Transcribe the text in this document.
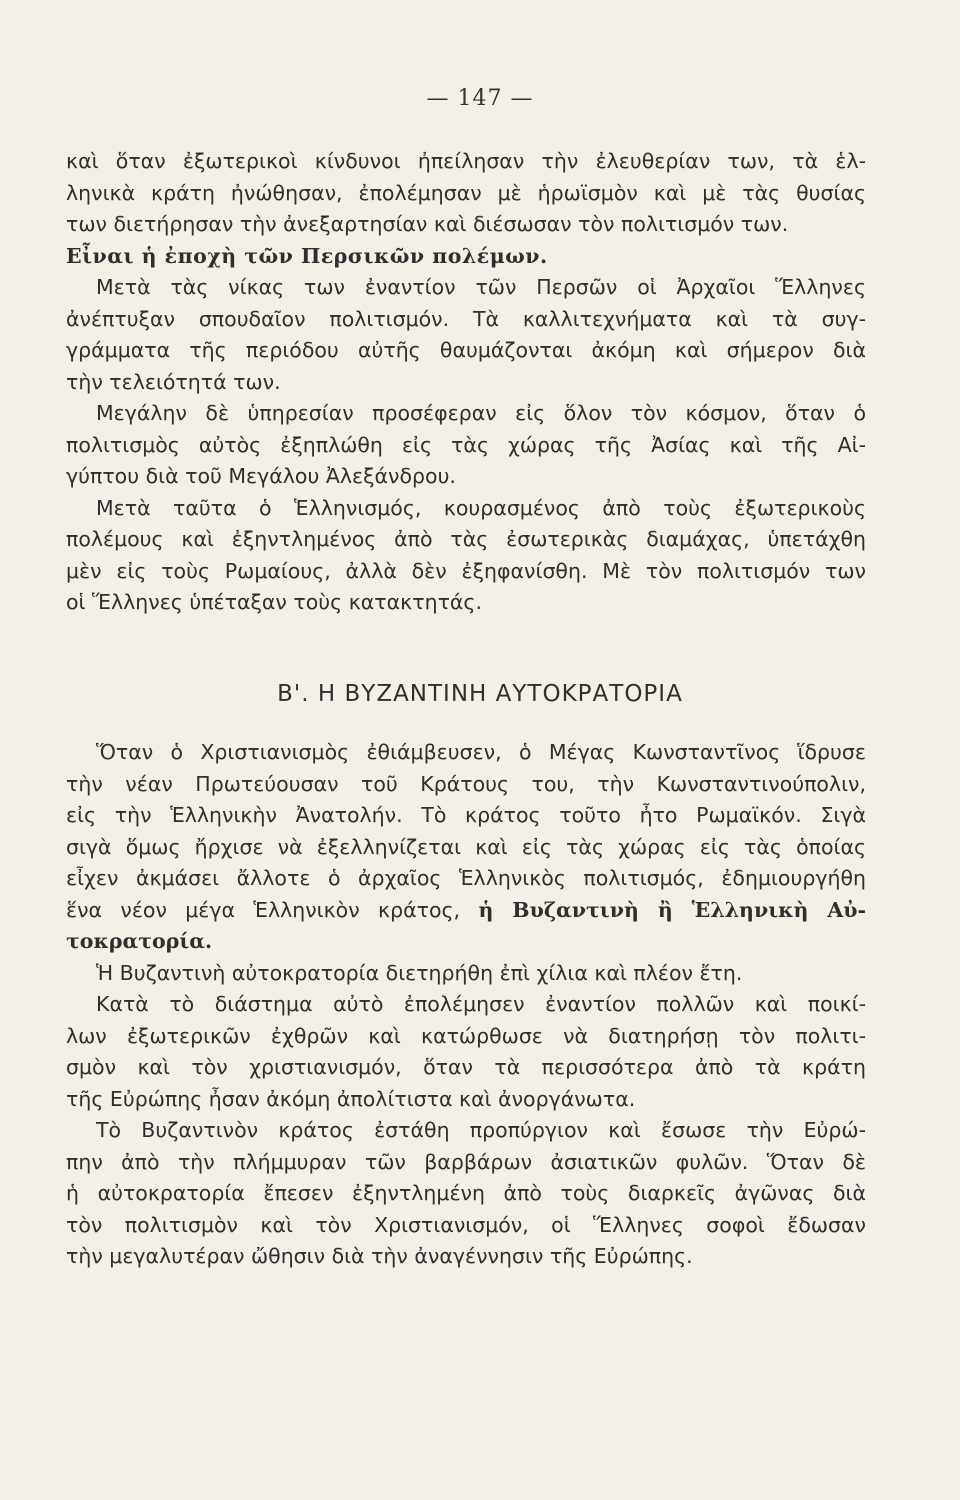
— 147 —
καὶ ὅταν ἐξωτερικοὶ κίνδυνοι ἠπείλησαν τὴν ἐλευθερίαν των, τὰ ἑλ-
ληνικὰ κράτη ἠνώθησαν, ἐπολέμησαν μὲ ἡρωϊσμὸν καὶ μὲ τὰς θυσίας
των διετήρησαν τὴν ἀνεξαρτησίαν καὶ διέσωσαν τὸν πολιτισμόν των.
Εἶναι ἡ ἐποχὴ τῶν Περσικῶν πολέμων.
Μετὰ τὰς νίκας των ἐναντίον τῶν Περσῶν οἱ Ἀρχαῖοι Ἕλληνες
ἀνέπτυξαν σπουδαῖον πολιτισμόν. Τὰ καλλιτεχνήματα καὶ τὰ συγ-
γράμματα τῆς περιόδου αὐτῆς θαυμάζονται ἀκόμη καὶ σήμερον διὰ
τὴν τελειότητά των.
Μεγάλην δὲ ὑπηρεσίαν προσέφεραν εἰς ὅλον τὸν κόσμον, ὅταν ὁ
πολιτισμὸς αὐτὸς ἐξηπλώθη εἰς τὰς χώρας τῆς Ἀσίας καὶ τῆς Αἰ-
γύπτου διὰ τοῦ Μεγάλου Ἀλεξάνδρου.
Μετὰ ταῦτα ὁ Ἑλληνισμός, κουρασμένος ἀπὸ τοὺς ἐξωτερικοὺς
πολέμους καὶ ἐξηντλημένος ἀπὸ τὰς ἐσωτερικὰς διαμάχας, ὑπετάχθη
μὲν εἰς τοὺς Ρωμαίους, ἀλλὰ δὲν ἐξηφανίσθη. Μὲ τὸν πολιτισμόν των
οἱ Ἕλληνες ὑπέταξαν τοὺς κατακτητάς.
Β'. Η ΒΥΖΑΝΤΙΝΗ ΑΥΤΟΚΡΑΤΟΡΙΑ
Ὅταν ὁ Χριστιανισμὸς ἐθιάμβευσεν, ὁ Μέγας Κωνσταντῖνος ἵδρυσε
τὴν νέαν Πρωτεύουσαν τοῦ Κράτους του, τὴν Κωνσταντινούπολιν,
εἰς τὴν Ἑλληνικὴν Ἀνατολήν. Τὸ κράτος τοῦτο ἦτο Ρωμαϊκόν. Σιγὰ
σιγὰ ὅμως ἤρχισε νὰ ἐξελληνίζεται καὶ εἰς τὰς χώρας εἰς τὰς ὁποίας
εἶχεν ἀκμάσει ἄλλοτε ὁ ἀρχαῖος Ἑλληνικὸς πολιτισμός, ἐδημιουργήθη
ἕνα νέον μέγα Ἑλληνικὸν κράτος, ἡ Βυζαντινὴ ἢ Ἑλληνικὴ Αὐ-
τοκρατορία.
Ἡ Βυζαντινὴ αὐτοκρατορία διετηρήθη ἐπὶ χίλια καὶ πλέον ἔτη.
Κατὰ τὸ διάστημα αὐτὸ ἐπολέμησεν ἐναντίον πολλῶν καὶ ποικί-
λων ἐξωτερικῶν ἐχθρῶν καὶ κατώρθωσε νὰ διατηρήσῃ τὸν πολιτι-
σμὸν καὶ τὸν χριστιανισμόν, ὅταν τὰ περισσότερα ἀπὸ τὰ κράτη
τῆς Εὐρώπης ἦσαν ἀκόμη ἀπολίτιστα καὶ ἀνοργάνωτα.
Τὸ Βυζαντινὸν κράτος ἐστάθη προπύργιον καὶ ἔσωσε τὴν Εὐρώ-
πην ἀπὸ τὴν πλήμμυραν τῶν βαρβάρων ἀσιατικῶν φυλῶν. Ὅταν δὲ
ἡ αὐτοκρατορία ἔπεσεν ἐξηντλημένη ἀπὸ τοὺς διαρκεῖς ἀγῶνας διὰ
τὸν πολιτισμὸν καὶ τὸν Χριστιανισμόν, οἱ Ἕλληνες σοφοὶ ἔδωσαν
τὴν μεγαλυτέραν ὤθησιν διὰ τὴν ἀναγέννησιν τῆς Εὐρώπης.
